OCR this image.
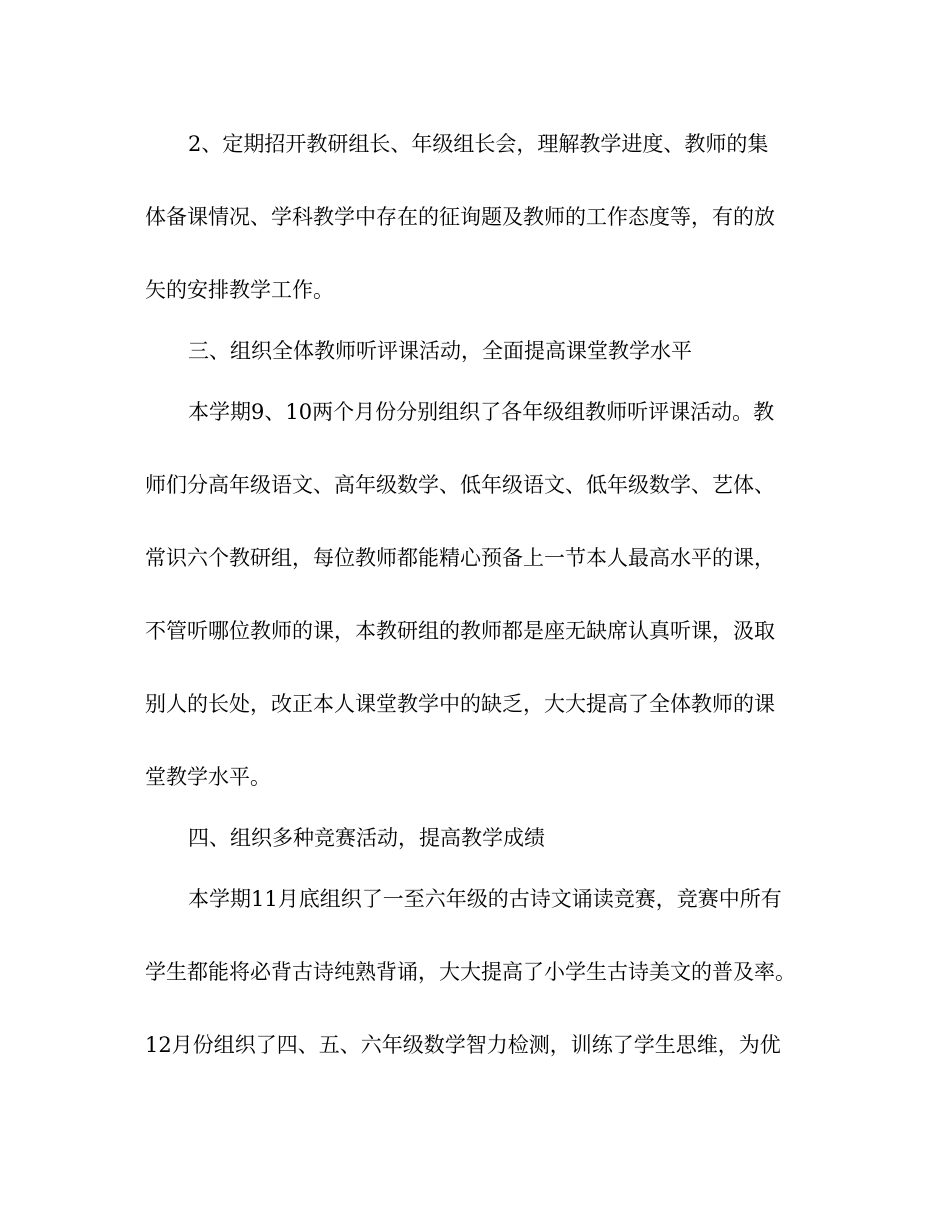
2、定期招开教研组长、年级组长会，理解教学进度、教师的集
体备课情况、学科教学中存在的征询题及教师的工作态度等，有的放
矢的安排教学工作。
三、组织全体教师听评课活动，全面提高课堂教学水平
本学期9、10两个月份分别组织了各年级组教师听评课活动。教
师们分高年级语文、高年级数学、低年级语文、低年级数学、艺体、
常识六个教研组，每位教师都能精心预备上一节本人最高水平的课，
不管听哪位教师的课，本教研组的教师都是座无缺席认真听课，汲取
别人的长处，改正本人课堂教学中的缺乏，大大提高了全体教师的课
堂教学水平。
四、组织多种竞赛活动，提高教学成绩
本学期11月底组织了一至六年级的古诗文诵读竞赛，竞赛中所有
学生都能将必背古诗纯熟背诵，大大提高了小学生古诗美文的普及率。
12月份组织了四、五、六年级数学智力检测，训练了学生思维，为优
